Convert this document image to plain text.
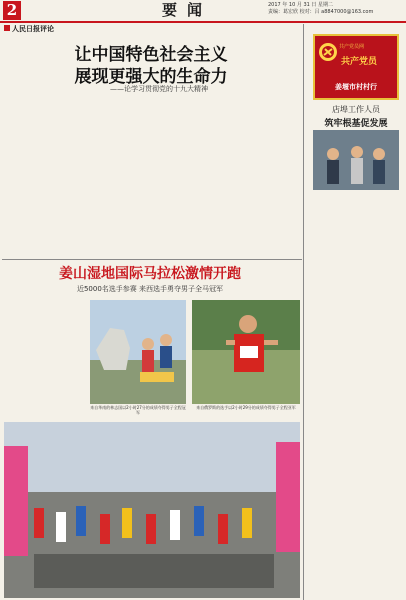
2	要闻	2017 年 10 月 31 日 星期二
责编：葛宏欣 校对：吕 a8847000@163.com
人民日报评论
让中国特色社会主义
展现更强大的生命力
——论学习贯彻党的十九大精神
姜山湿地国际马拉松激情开跑
近5000名选手参赛 来西选手勇夺男子全马冠军
来自华南的林志国以2小时27分的成绩夺得男子全程冠军
来自俄罗斯的选手以2小时29分的成绩夺得男子全程亚军
共产党员网
共产党员
姜堰市村村行
店埠工作人员
筑牢根基促发展
